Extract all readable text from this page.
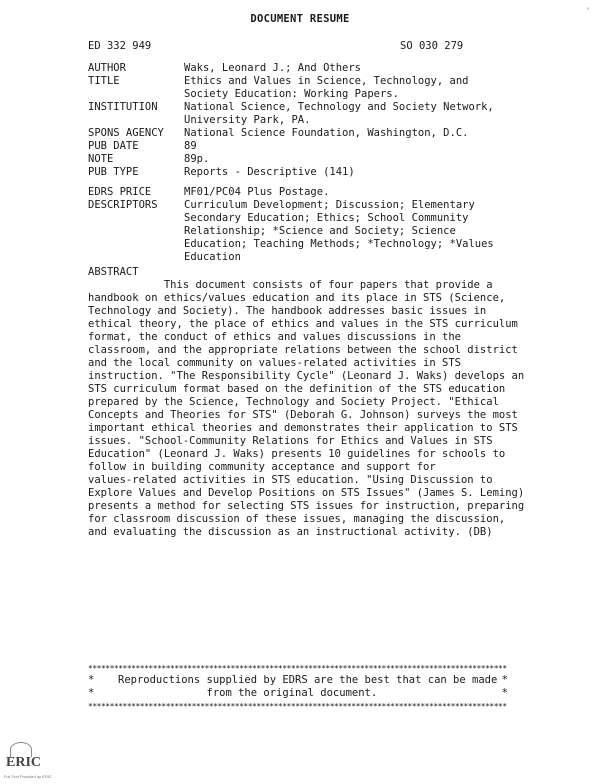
°
DOCUMENT RESUME
ED 332 949	SO 030 279
AUTHOR	Waks, Leonard J.; And Others
TITLE	Ethics and Values in Science, Technology, and
Society Education: Working Papers.
INSTITUTION	National Science, Technology and Society Network,
University Park, PA.
SPONS AGENCY	National Science Foundation, Washington, D.C.
PUB DATE	89
NOTE	89p.
PUB TYPE	Reports - Descriptive (141)
EDRS PRICE	MF01/PC04 Plus Postage.
DESCRIPTORS	Curriculum Development; Discussion; Elementary
Secondary Education; Ethics; School Community
Relationship; *Science and Society; Science
Education; Teaching Methods; *Technology; *Values
Education
ABSTRACT
This document consists of four papers that provide a
handbook on ethics/values education and its place in STS (Science,
Technology and Society). The handbook addresses basic issues in
ethical theory, the place of ethics and values in the STS curriculum
format, the conduct of ethics and values discussions in the
classroom, and the appropriate relations between the school district
and the local community on values-related activities in STS
instruction. "The Responsibility Cycle" (Leonard J. Waks) develops an
STS curriculum format based on the definition of the STS education
prepared by the Science, Technology and Society Project. "Ethical
Concepts and Theories for STS" (Deborah G. Johnson) surveys the most
important ethical theories and demonstrates their application to STS
issues. "School-Community Relations for Ethics and Values in STS
Education" (Leonard J. Waks) presents 10 guidelines for schools to
follow in building community acceptance and support for
values-related activities in STS education. "Using Discussion to
Explore Values and Develop Positions on STS Issues" (James S. Leming)
presents a method for selecting STS issues for instruction, preparing
for classroom discussion of these issues, managing the discussion,
and evaluating the discussion as an instructional activity. (DB)
*************************************************************************************************
* Reproductions supplied by EDRS are the best that can be made *
* from the original document.	*
*************************************************************************************************
ERIC
Full Text Provided by ERIC
